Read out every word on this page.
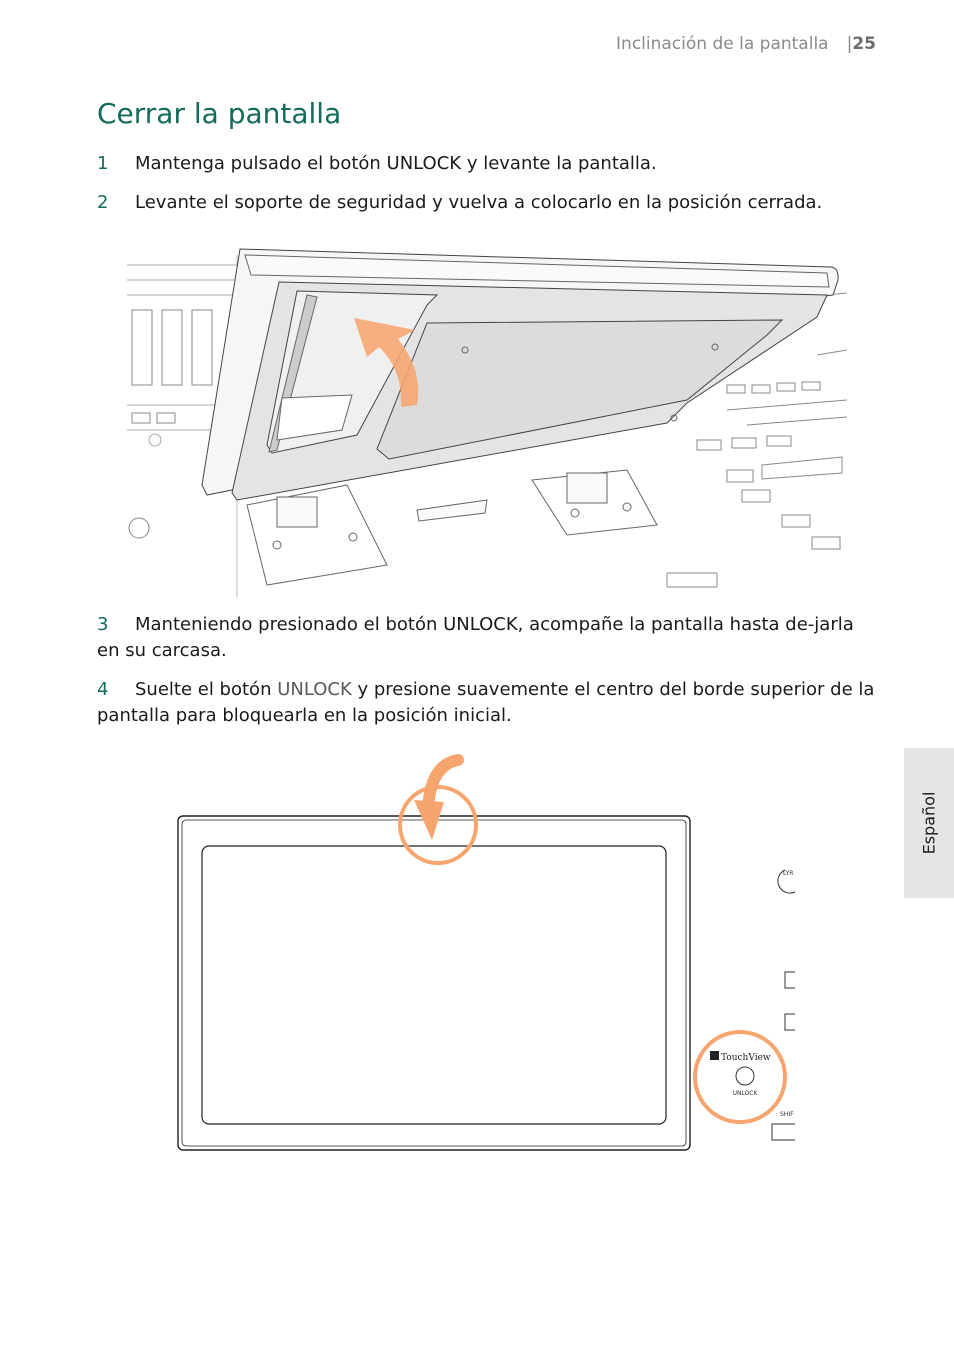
Inclinación de la pantalla |25
Cerrar la pantalla

1 Mantenga pulsado el botón UNLOCK y levante la pantalla.

2 Levante el soporte de seguridad y vuelva a colocarlo en la posición cerrada.

3 Manteniendo presionado el botón UNLOCK, acompañe la pantalla hasta de-jarla en su carcasa.

4 Suelte el botón UNLOCK y presione suavemente el centro del borde superior de la pantalla para bloquearla en la posición inicial.

LYR
SHIF
TouchView
UNLOCK
Español
